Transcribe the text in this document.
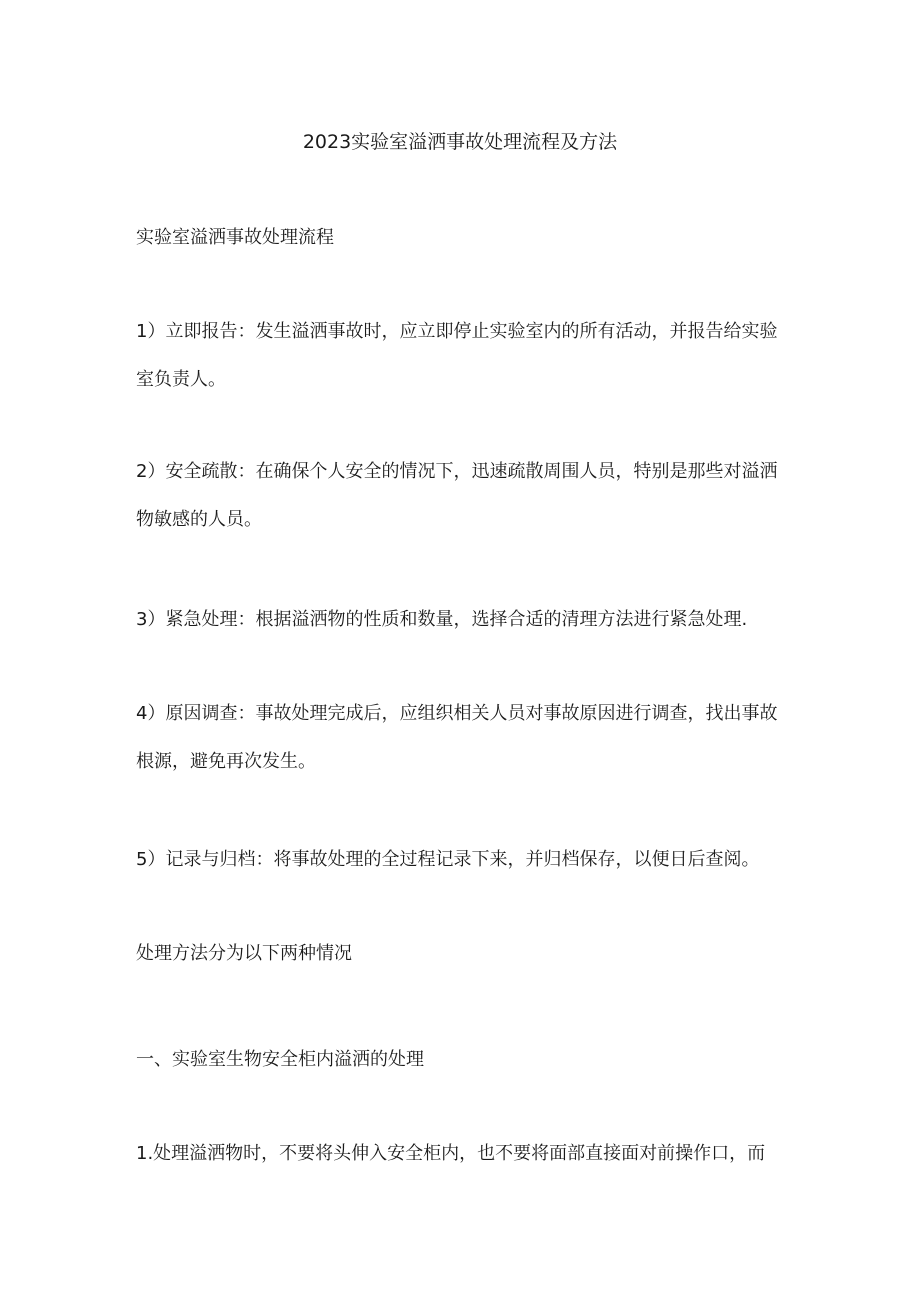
2023实验室溢洒事故处理流程及方法

实验室溢洒事故处理流程

1）立即报告：发生溢洒事故时，应立即停止实验室内的所有活动，并报告给实验室负责人。

2）安全疏散：在确保个人安全的情况下，迅速疏散周围人员，特别是那些对溢洒物敏感的人员。

3）紧急处理：根据溢洒物的性质和数量，选择合适的清理方法进行紧急处理.

4）原因调查：事故处理完成后，应组织相关人员对事故原因进行调查，找出事故根源，避免再次发生。

5）记录与归档：将事故处理的全过程记录下来，并归档保存，以便日后查阅。

处理方法分为以下两种情况

一、实验室生物安全柜内溢洒的处理

1.处理溢洒物时，不要将头伸入安全柜内，也不要将面部直接面对前操作口，而
